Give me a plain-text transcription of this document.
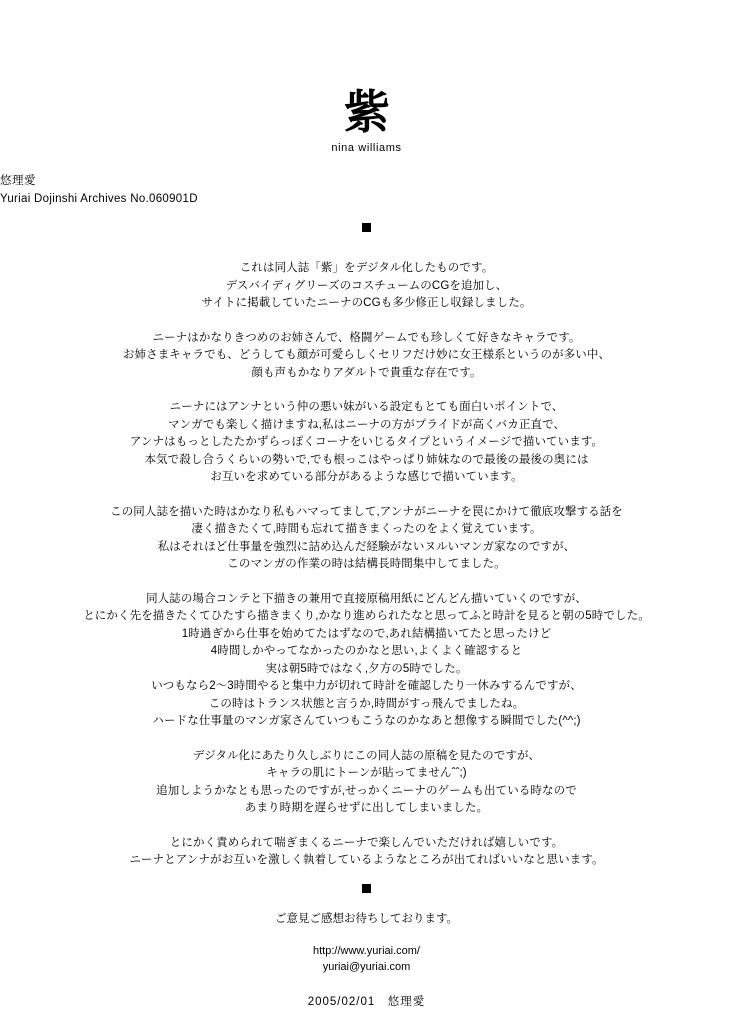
紫
nina williams
悠理愛
Yuriai Dojinshi Archives No.060901D
これは同人誌「紫」をデジタル化したものです。
デスバイディグリーズのコスチュームのCGを追加し、
サイトに掲載していたニーナのCGも多少修正し収録しました。
ニーナはかなりきつめのお姉さんで、格闘ゲームでも珍しくて好きなキャラです。
お姉さまキャラでも、どうしても顔が可愛らしくセリフだけ妙に女王様系というのが多い中、
顔も声もかなりアダルトで貴重な存在です。
ニーナにはアンナという仲の悪い妹がいる設定もとても面白いポイントで、
マンガでも楽しく描けますね,私はニーナの方がプライドが高くバカ正直で、
アンナはもっとしたたかずらっぽくコーナをいじるタイプというイメージで描いています。
本気で殺し合うくらいの勢いで,でも根っこはやっぱり姉妹なので最後の最後の奥には
お互いを求めている部分があるような感じで描いています。
この同人誌を描いた時はかなり私もハマってまして,アンナがニーナを罠にかけて徹底攻撃する話を
凄く描きたくて,時間も忘れて描きまくったのをよく覚えています。
私はそれほど仕事量を強烈に詰め込んだ経験がないヌルいマンガ家なのですが、
このマンガの作業の時は結構長時間集中してました。
同人誌の場合コンテと下描きの兼用で直接原稿用紙にどんどん描いていくのですが、
とにかく先を描きたくてひたすら描きまくり,かなり進められたなと思ってふと時計を見ると朝の5時でした。
1時過ぎから仕事を始めてたはずなので,あれ結構描いてたと思ったけど
4時間しかやってなかったのかなと思い,よくよく確認すると
実は朝5時ではなく,夕方の5時でした。
いつもなら2〜3時間やると集中力が切れて時計を確認したり一休みするんですが、
この時はトランス状態と言うか,時間がすっ飛んでましたね。
ハードな仕事量のマンガ家さんていつもこうなのかなあと想像する瞬間でした(^^;)
デジタル化にあたり久しぶりにこの同人誌の原稿を見たのですが、
キャラの肌にトーンが貼ってませんˆˆ;)
追加しようかなとも思ったのですが,せっかくニーナのゲームも出ている時なので
あまり時期を遅らせずに出してしまいました。
とにかく責められて喘ぎまくるニーナで楽しんでいただければ嬉しいです。
ニーナとアンナがお互いを激しく執着しているようなところが出てればいいなと思います。
ご意見ご感想お待ちしております。
http://www.yuriai.com/
yuriai@yuriai.com
2005/02/01　悠理愛
